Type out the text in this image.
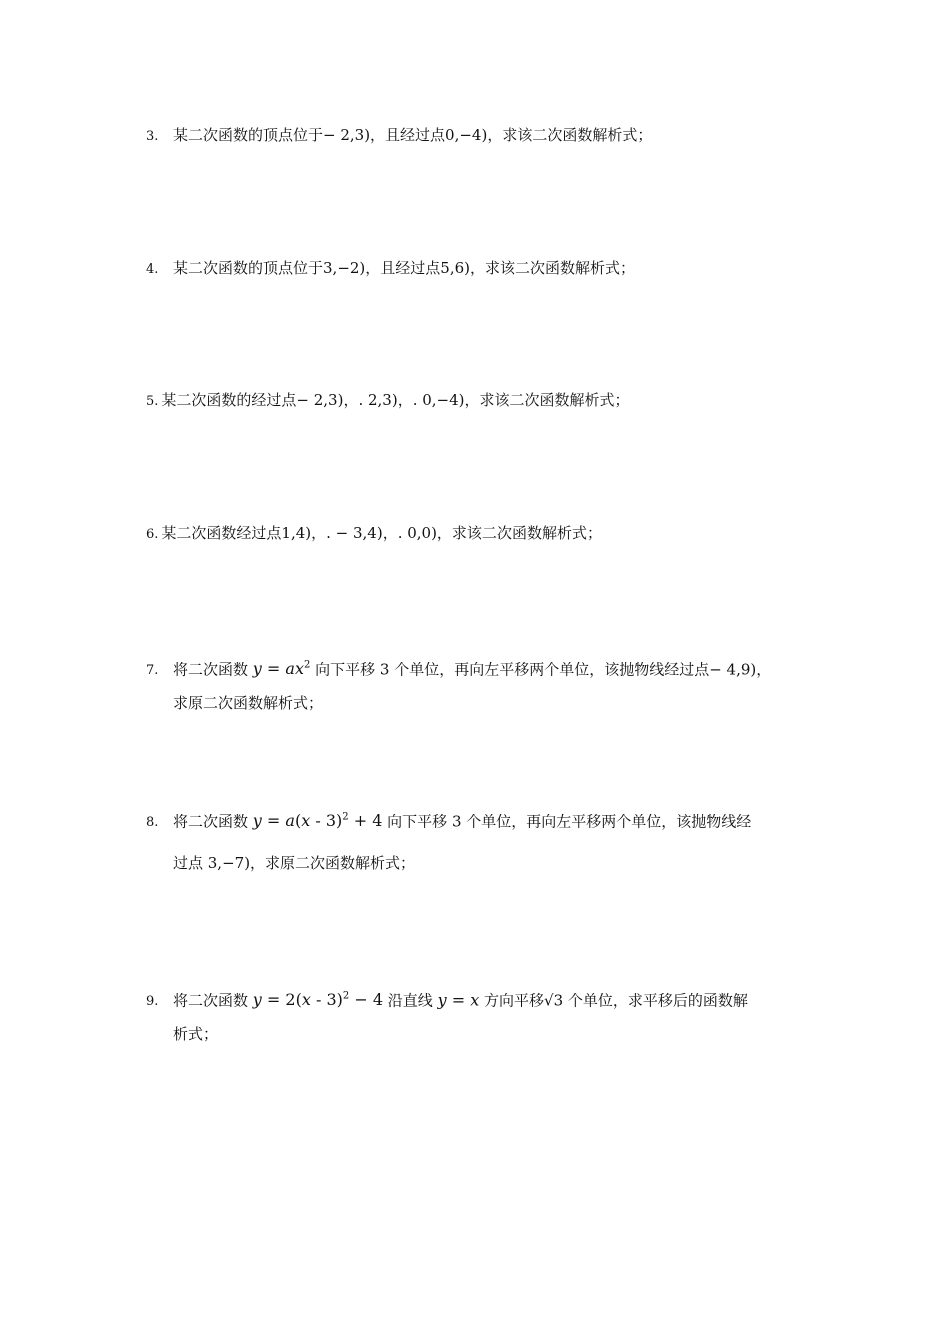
3. 某二次函数的顶点位于− 2,3)，且经过点0,−4)，求该二次函数解析式；
4. 某二次函数的顶点位于3,−2)，且经过点5,6)，求该二次函数解析式；
5. 某二次函数的经过点− 2,3)，. 2,3)，. 0,−4)，求该二次函数解析式；
6. 某二次函数经过点1,4)，. − 3,4)，. 0,0)，求该二次函数解析式；
7. 将二次函数 $y = ax^2$ 向下平移 3 个单位，再向左平移两个单位，该抛物线经过点− 4,9)，
求原二次函数解析式；
8. 将二次函数 y = a(x - 3)$^2$ + 4 向下平移 3 个单位，再向左平移两个单位，该抛物线经
过点 3,−7)，求原二次函数解析式；
9. 将二次函数 y = 2(x - 3)$^2$ − 4 沿直线 y = x 方向平移√3 个单位，求平移后的函数解
析式；
